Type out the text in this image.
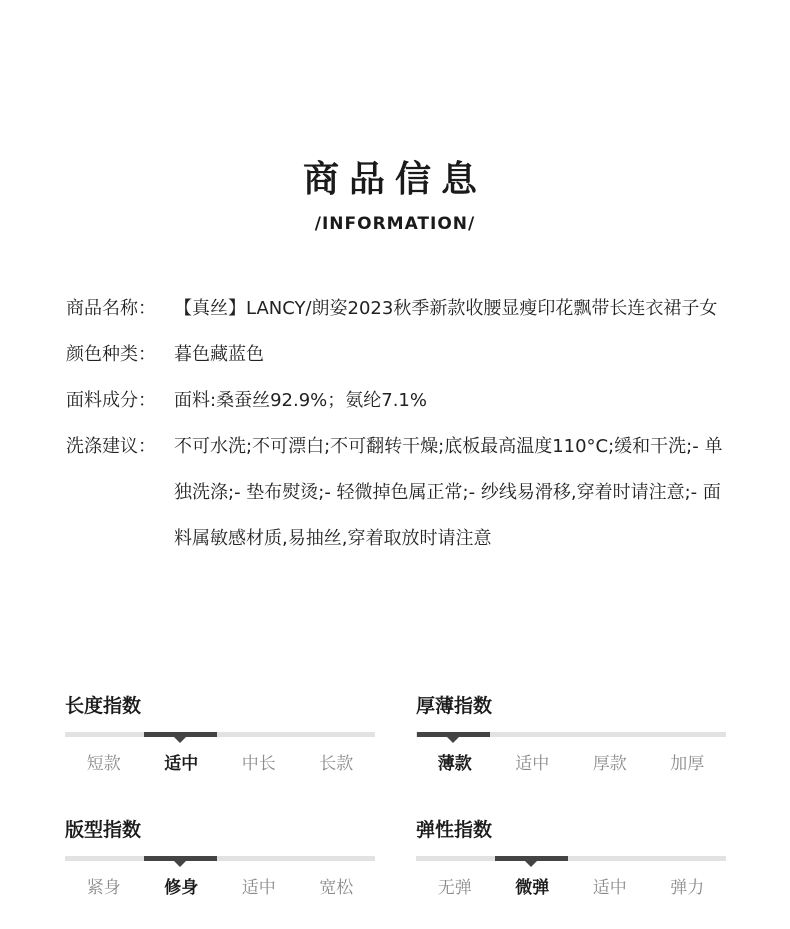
商品信息
/INFORMATION/
商品名称：	【真丝】LANCY/朗姿2023秋季新款收腰显瘦印花飘带长连衣裙子女
颜色种类：	暮色藏蓝色
面料成分：	面料:桑蚕丝92.9%；氨纶7.1%
洗涤建议：	不可水洗;不可漂白;不可翻转干燥;底板最高温度110°C;缓和干洗;- 单独洗涤;- 垫布熨烫;- 轻微掉色属正常;- 纱线易滑移,穿着时请注意;- 面料属敏感材质,易抽丝,穿着取放时请注意
长度指数
短款	适中	中长	长款
厚薄指数
薄款	适中	厚款	加厚
版型指数
紧身	修身	适中	宽松
弹性指数
无弹	微弹	适中	弹力
